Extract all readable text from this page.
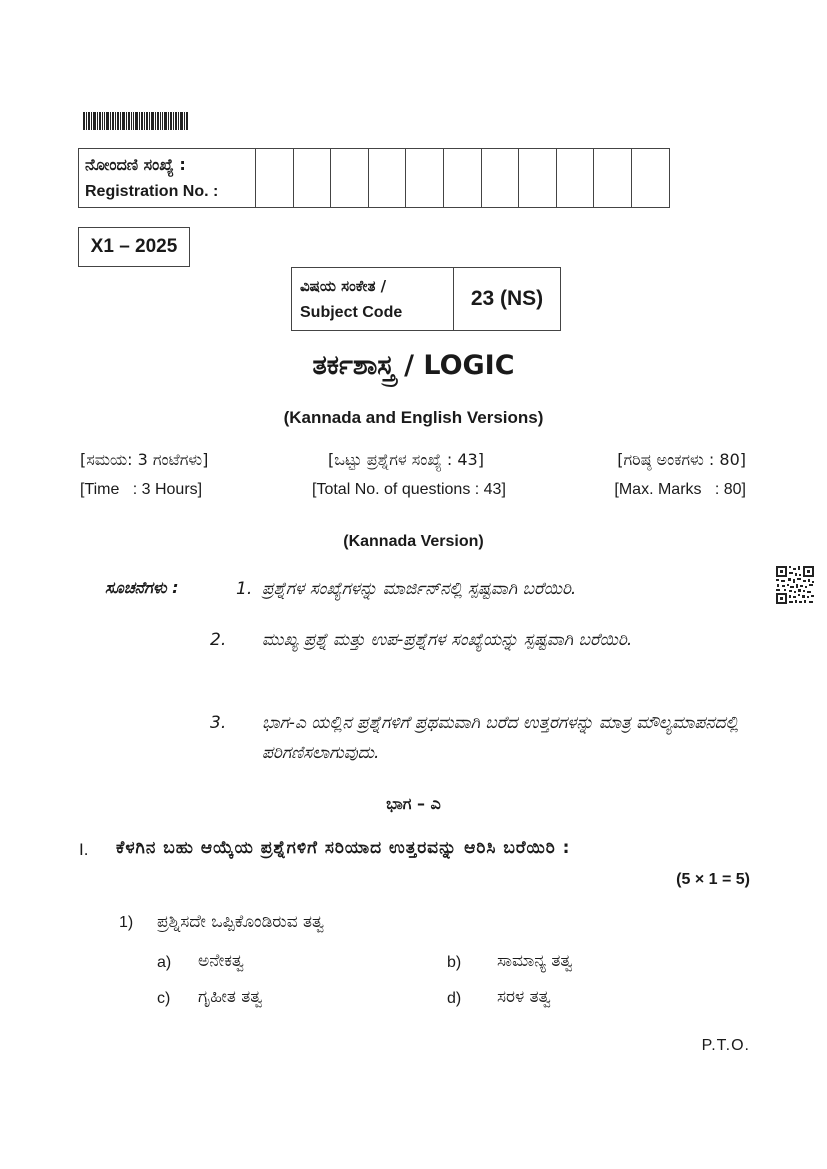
ನೋಂದಣಿ ಸಂಖ್ಯೆ :
Registration No. :

X1 – 2025
ವಿಷಯ ಸಂಕೇತ /
Subject Code
	23 (NS)
ತರ್ಕಶಾಸ್ತ್ರ / LOGIC
(Kannada and English Versions)
[ಸಮಯ: 3 ಗಂಟೆಗಳು]	[ಒಟ್ಟು ಪ್ರಶ್ನೆಗಳ ಸಂಖ್ಯೆ : 43]	[ಗರಿಷ್ಠ ಅಂಕಗಳು : 80]
[Time   : 3 Hours]	[Total No. of questions : 43]	[Max. Marks   : 80]
(Kannada Version)
ಸೂಚನೆಗಳು :	1. ಪ್ರಶ್ನೆಗಳ ಸಂಖ್ಯೆಗಳನ್ನು ಮಾರ್ಜಿನ್‌ನಲ್ಲಿ ಸ್ಪಷ್ಟವಾಗಿ ಬರೆಯಿರಿ.
2. ಮುಖ್ಯ ಪ್ರಶ್ನೆ ಮತ್ತು ಉಪ-ಪ್ರಶ್ನೆಗಳ ಸಂಖ್ಯೆಯನ್ನು ಸ್ಪಷ್ಟವಾಗಿ ಬರೆಯಿರಿ.
3. ಭಾಗ-ಎ ಯಲ್ಲಿನ ಪ್ರಶ್ನೆಗಳಿಗೆ ಪ್ರಥಮವಾಗಿ ಬರೆದ ಉತ್ತರಗಳನ್ನು ಮಾತ್ರ ಮೌಲ್ಯಮಾಪನದಲ್ಲಿ ಪರಿಗಣಿಸಲಾಗುವುದು.
ಭಾಗ – ಎ
I. ಕೆಳಗಿನ ಬಹು ಆಯ್ಕೆಯ ಪ್ರಶ್ನೆಗಳಿಗೆ ಸರಿಯಾದ ಉತ್ತರವನ್ನು ಆರಿಸಿ ಬರೆಯಿರಿ :
(5 × 1 = 5)
1) ಪ್ರಶ್ನಿಸದೇ ಒಪ್ಪಿಕೊಂಡಿರುವ ತತ್ವ
a) ಅನೇಕತ್ವ	b) ಸಾಮಾನ್ಯ ತತ್ವ
c) ಗೃಹೀತ ತತ್ವ	d) ಸರಳ ತತ್ವ
P.T.O.
